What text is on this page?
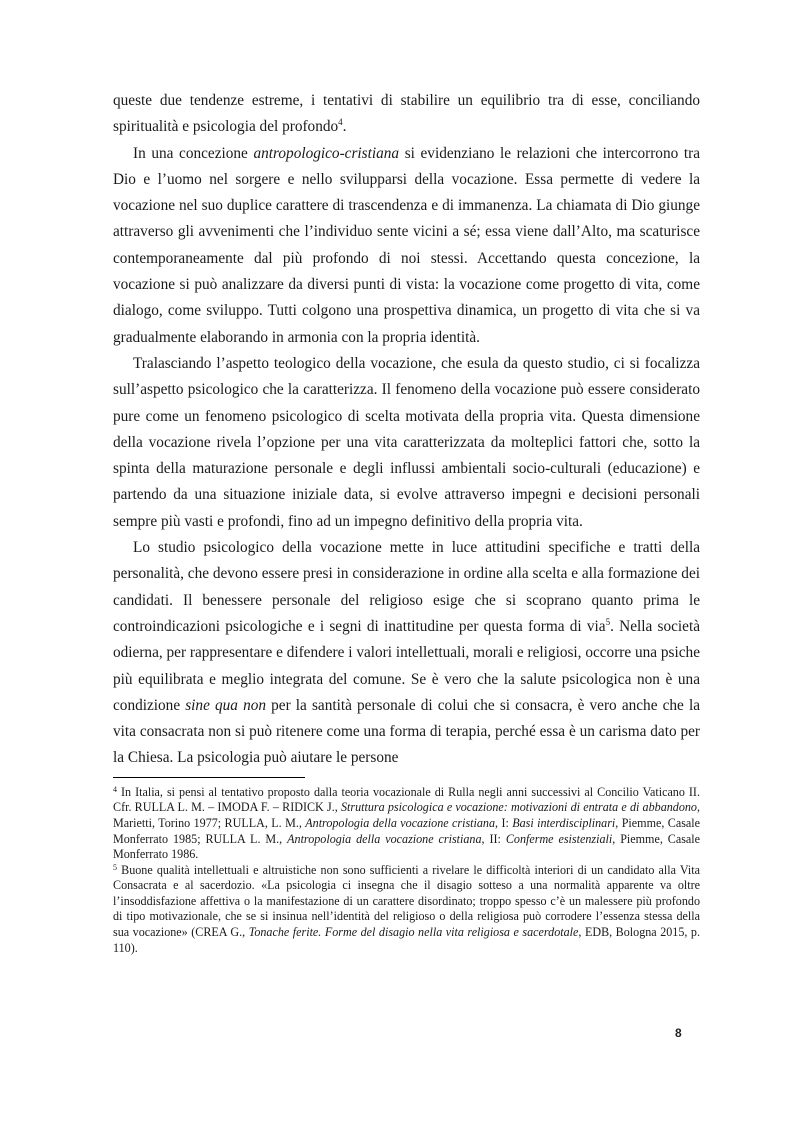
queste due tendenze estreme, i tentativi di stabilire un equilibrio tra di esse, conciliando spiritualità e psicologia del profondo$^4$.

In una concezione antropologico-cristiana si evidenziano le relazioni che intercorrono tra Dio e l’uomo nel sorgere e nello svilupparsi della vocazione. Essa permette di vedere la vocazione nel suo duplice carattere di trascendenza e di immanenza. La chiamata di Dio giunge attraverso gli avvenimenti che l’individuo sente vicini a sé; essa viene dall’Alto, ma scaturisce contemporaneamente dal più profondo di noi stessi. Accettando questa concezione, la vocazione si può analizzare da diversi punti di vista: la vocazione come progetto di vita, come dialogo, come sviluppo. Tutti colgono una prospettiva dinamica, un progetto di vita che si va gradualmente elaborando in armonia con la propria identità.

Tralasciando l’aspetto teologico della vocazione, che esula da questo studio, ci si focalizza sull’aspetto psicologico che la caratterizza. Il fenomeno della vocazione può essere considerato pure come un fenomeno psicologico di scelta motivata della propria vita. Questa dimensione della vocazione rivela l’opzione per una vita caratterizzata da molteplici fattori che, sotto la spinta della maturazione personale e degli influssi ambientali socio-culturali (educazione) e partendo da una situazione iniziale data, si evolve attraverso impegni e decisioni personali sempre più vasti e profondi, fino ad un impegno definitivo della propria vita.

Lo studio psicologico della vocazione mette in luce attitudini specifiche e tratti della personalità, che devono essere presi in considerazione in ordine alla scelta e alla formazione dei candidati. Il benessere personale del religioso esige che si scoprano quanto prima le controindicazioni psicologiche e i segni di inattitudine per questa forma di via$^5$. Nella società odierna, per rappresentare e difendere i valori intellettuali, morali e religiosi, occorre una psiche più equilibrata e meglio integrata del comune. Se è vero che la salute psicologica non è una condizione sine qua non per la santità personale di colui che si consacra, è vero anche che la vita consacrata non si può ritenere come una forma di terapia, perché essa è un carisma dato per la Chiesa. La psicologia può aiutare le persone

$^4$ In Italia, si pensi al tentativo proposto dalla teoria vocazionale di Rulla negli anni successivi al Concilio Vaticano II. Cfr. RULLA L. M. – IMODA F. – RIDICK J., Struttura psicologica e vocazione: motivazioni di entrata e di abbandono, Marietti, Torino 1977; RULLA, L. M., Antropologia della vocazione cristiana, I: Basi interdisciplinari, Piemme, Casale Monferrato 1985; RULLA L. M., Antropologia della vocazione cristiana, II: Conferme esistenziali, Piemme, Casale Monferrato 1986.

$^5$ Buone qualità intellettuali e altruistiche non sono sufficienti a rivelare le difficoltà interiori di un candidato alla Vita Consacrata e al sacerdozio. «La psicologia ci insegna che il disagio sotteso a una normalità apparente va oltre l’insoddisfazione affettiva o la manifestazione di un carattere disordinato; troppo spesso c’è un malessere più profondo di tipo motivazionale, che se si insinua nell’identità del religioso o della religiosa può corrodere l’essenza stessa della sua vocazione» (CREA G., Tonache ferite. Forme del disagio nella vita religiosa e sacerdotale, EDB, Bologna 2015, p. 110).

8
